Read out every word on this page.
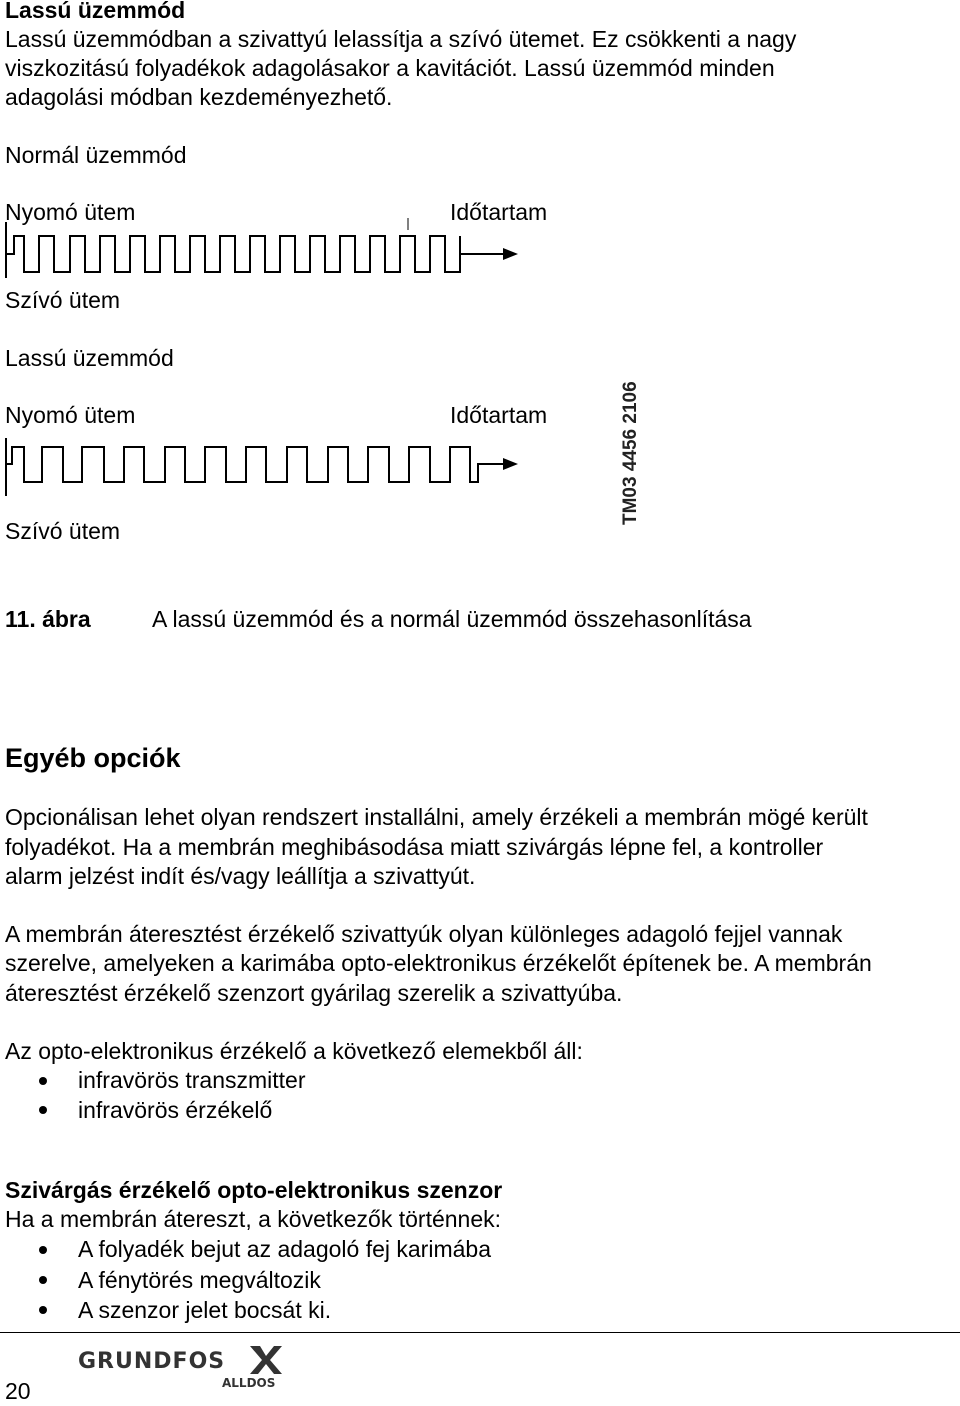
Lassú üzemmód
Lassú üzemmódban a szivattyú lelassítja a szívó ütemet. Ez csökkenti a nagy
viszkozitású folyadékok adagolásakor a kavitációt. Lassú üzemmód minden
adagolási módban kezdeményezhető.
Normál üzemmód
Nyomó ütem	Időtartam
Szívó ütem
Lassú üzemmód
Nyomó ütem	Időtartam
Szívó ütem
TM03 4456 2106
11. ábra	A lassú üzemmód és a normál üzemmód összehasonlítása
Egyéb opciók
Opcionálisan lehet olyan rendszert installálni, amely érzékeli a membrán mögé került
folyadékot. Ha a membrán meghibásodása miatt szivárgás lépne fel, a kontroller
alarm jelzést indít és/vagy leállítja a szivattyút.
A membrán áteresztést érzékelő szivattyúk olyan különleges adagoló fejjel vannak
szerelve, amelyeken a karimába opto-elektronikus érzékelőt építenek be. A membrán
áteresztést érzékelő szenzort gyárilag szerelik a szivattyúba.
Az opto-elektronikus érzékelő a következő elemekből áll:
infravörös transzmitter
infravörös érzékelő
Szivárgás érzékelő opto-elektronikus szenzor
Ha a membrán átereszt, a következők történnek:
A folyadék bejut az adagoló fej karimába
A fénytörés megváltozik
A szenzor jelet bocsát ki.
20
GRUNDFOS
ALLDOS
